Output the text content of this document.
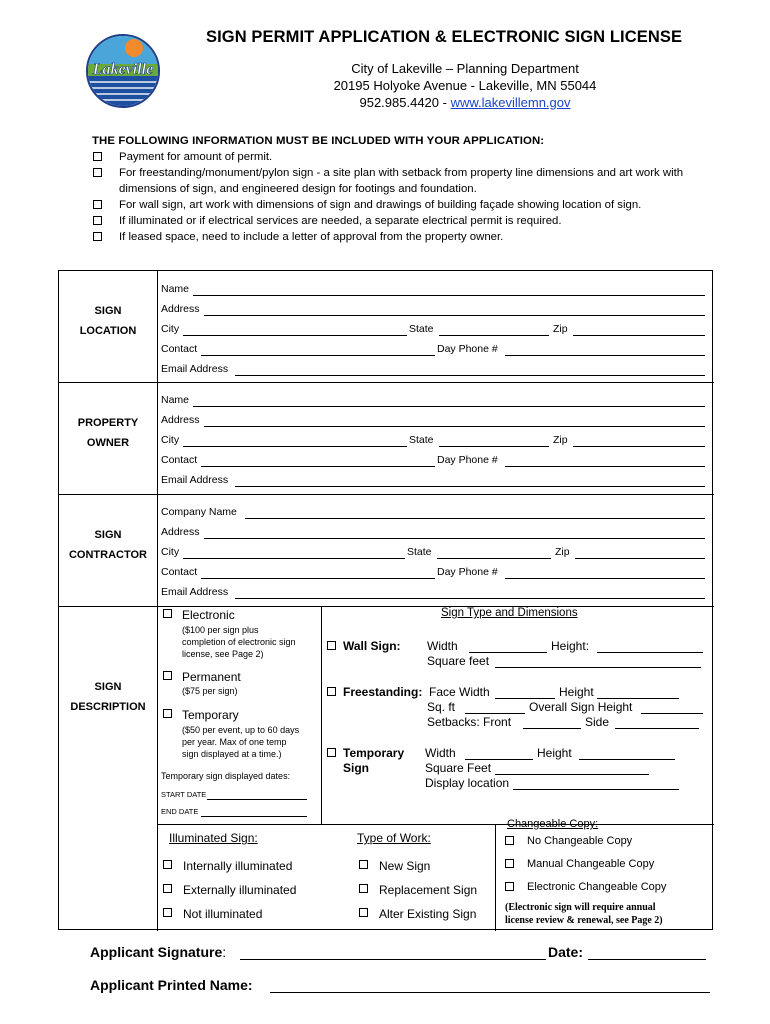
Lakeville
SIGN PERMIT APPLICATION & ELECTRONIC SIGN LICENSE
City of Lakeville – Planning Department
20195 Holyoke Avenue - Lakeville, MN 55044
952.985.4420 - www.lakevillemn.gov
THE FOLLOWING INFORMATION MUST BE INCLUDED WITH YOUR APPLICATION:
Payment for amount of permit.
For freestanding/monument/pylon sign - a site plan with setback from property line dimensions and art work with dimensions of sign, and engineered design for footings and foundation.
For wall sign, art work with dimensions of sign and drawings of building façade showing location of sign.
If illuminated or if electrical services are needed, a separate electrical permit is required.
If leased space, need to include a letter of approval from the property owner.
SIGN
LOCATION
Name
Address
City	State	Zip
Contact	Day Phone #
Email Address
PROPERTY
OWNER
Name
Address
City	State	Zip
Contact	Day Phone #
Email Address
SIGN
CONTRACTOR
Company Name
Address
City	State	Zip
Contact	Day Phone #
Email Address
SIGN
DESCRIPTION
Electronic
($100 per sign plus
completion of electronic sign
license, see Page 2)
Permanent
($75 per sign)
Temporary
($50 per event, up to 60 days
per year. Max of one temp
sign displayed at a time.)
Temporary sign displayed dates:
START DATE
END DATE
Sign Type and Dimensions
Wall Sign: Width	Height:
Square feet
Freestanding: Face Width	Height
Sq. ft	Overall Sign Height
Setbacks: Front	Side
Temporary
Sign
Width	Height
Square Feet
Display location
Illuminated Sign:
Internally illuminated
Externally illuminated
Not illuminated
Type of Work:
New Sign
Replacement Sign
Alter Existing Sign
Changeable Copy:
No Changeable Copy
Manual Changeable Copy
Electronic Changeable Copy
(Electronic sign will require annual
license review & renewal, see Page 2)
Applicant Signature:	Date:
Applicant Printed Name:
